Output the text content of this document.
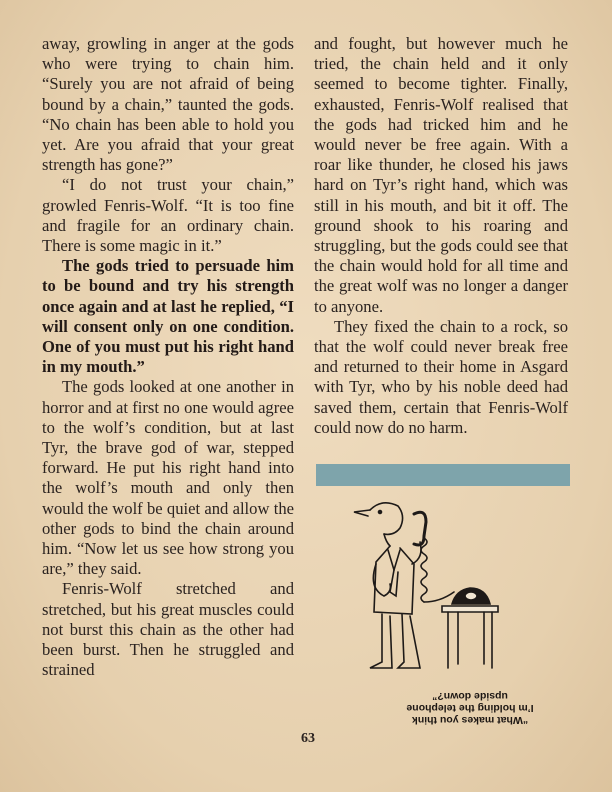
away, growling in anger at the gods who were trying to chain him. “Surely you are not afraid of being bound by a chain,” taunted the gods. “No chain has been able to hold you yet. Are you afraid that your great strength has gone?”

“I do not trust your chain,” growled Fenris-Wolf. “It is too fine and fragile for an ordinary chain. There is some magic in it.”

The gods tried to persuade him to be bound and try his strength once again and at last he replied, “I will consent only on one condition. One of you must put his right hand in my mouth.”

The gods looked at one another in horror and at first no one would agree to the wolf’s condition, but at last Tyr, the brave god of war, stepped forward. He put his right hand into the wolf’s mouth and only then would the wolf be quiet and allow the other gods to bind the chain around him. “Now let us see how strong you are,” they said.

Fenris-Wolf stretched and stretched, but his great muscles could not burst this chain as the other had been burst. Then he struggled and strained

and fought, but however much he tried, the chain held and it only seemed to become tighter. Finally, exhausted, Fenris-Wolf realised that the gods had tricked him and he would never be free again. With a roar like thunder, he closed his jaws hard on Tyr’s right hand, which was still in his mouth, and bit it off. The ground shook to his roaring and struggling, but the gods could see that the chain would hold for all time and the great wolf was no longer a danger to anyone.

They fixed the chain to a rock, so that the wolf could never break free and returned to their home in Asgard with Tyr, who by his noble deed had saved them, certain that Fenris-Wolf could now do no harm.

“What makes you think
I’m holding the telephone
upside down?”
63
